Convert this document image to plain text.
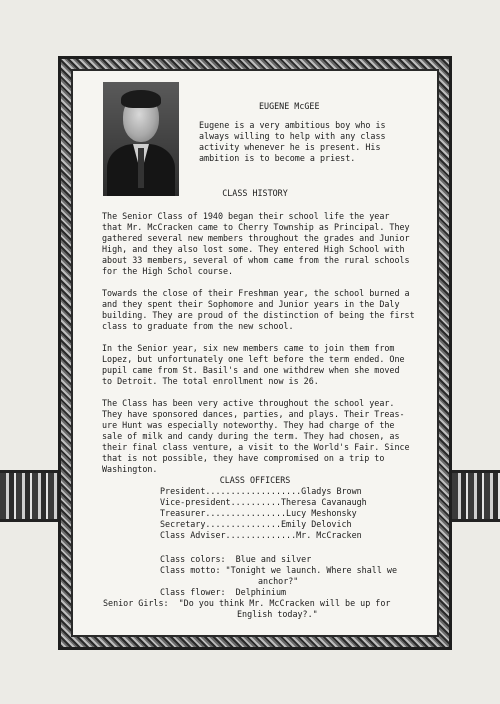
EUGENE McGEE
Eugene is a very ambitious boy who is
always willing to help with any class
activity whenever he is present. His
ambition is to become a priest.
CLASS HISTORY
The Senior Class of 1940 began their school life the year
that Mr. McCracken came to Cherry Township as Principal. They
gathered several new members throughout the grades and Junior
High, and they also lost some. They entered High School with
about 33 members, several of whom came from the rural schools
for the High Schol course.
Towards the close of their Freshman year, the school burned a
and they spent their Sophomore and Junior years in the Daly
building. They are proud of the distinction of being the first
class to graduate from the new school.
In the Senior year, six new members came to join them from
Lopez, but unfortunately one left before the term ended. One
pupil came from St. Basil's and one withdrew when she moved
to Detroit. The total enrollment now is 26.
The Class has been very active throughout the school year.
They have sponsored dances, parties, and plays. Their Treas-
ure Hunt was especially noteworthy. They had charge of the
sale of milk and candy during the term. They had chosen, as
their final class venture, a visit to the World's Fair. Since
that is not possible, they have compromised on a trip to
Washington.
CLASS OFFICERS
President...................Gladys Brown
Vice-president..........Theresa Cavanaugh
Treasurer................Lucy Meshonsky
Secretary...............Emily Delovich
Class Adviser..............Mr. McCracken
Class colors:  Blue and silver
Class motto: "Tonight we launch. Where shall we
anchor?"
Class flower:  Delphinium
Senior Girls:  "Do you think Mr. McCracken will be up for
English today?."
